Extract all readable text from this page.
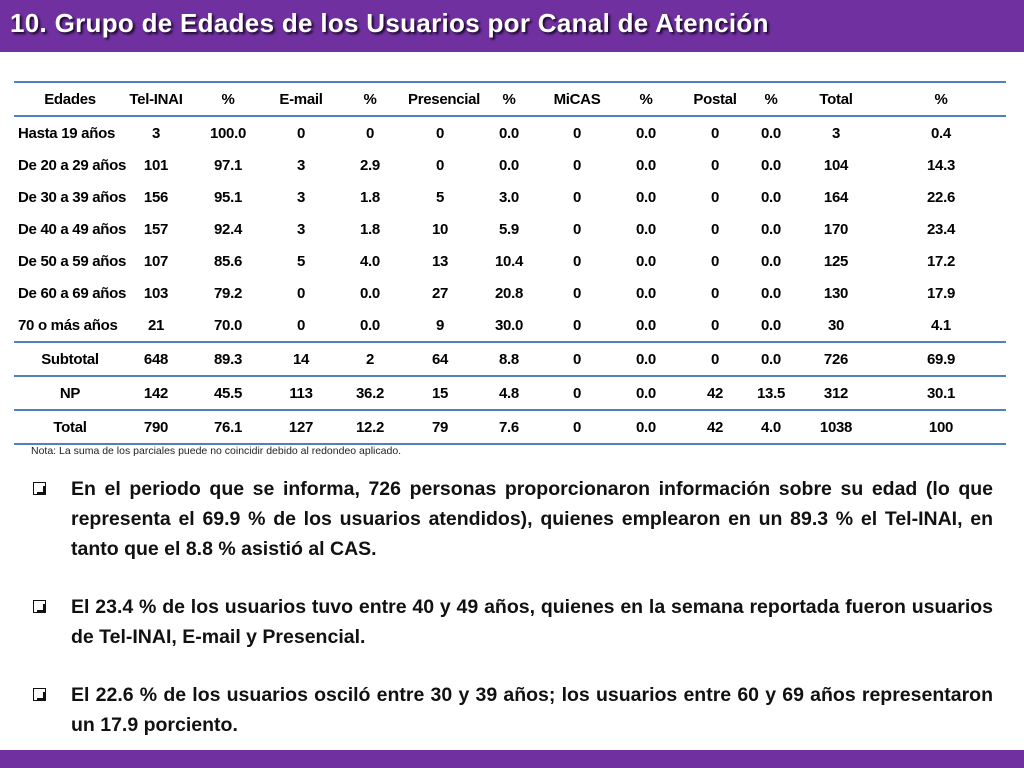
10. Grupo de Edades de los Usuarios por Canal de Atención
Edades	Tel-INAI	%	E-mail	%	Presencial	%	MiCAS	%	Postal	%	Total	%
Hasta 19 años	3	100.0	0	0	0	0.0	0	0.0	0	0.0	3	0.4
De 20 a 29 años	101	97.1	3	2.9	0	0.0	0	0.0	0	0.0	104	14.3
De 30 a 39 años	156	95.1	3	1.8	5	3.0	0	0.0	0	0.0	164	22.6
De 40 a 49 años	157	92.4	3	1.8	10	5.9	0	0.0	0	0.0	170	23.4
De 50 a 59 años	107	85.6	5	4.0	13	10.4	0	0.0	0	0.0	125	17.2
De 60 a 69 años	103	79.2	0	0.0	27	20.8	0	0.0	0	0.0	130	17.9
70 o más años	21	70.0	0	0.0	9	30.0	0	0.0	0	0.0	30	4.1
Subtotal	648	89.3	14	2	64	8.8	0	0.0	0	0.0	726	69.9
NP	142	45.5	113	36.2	15	4.8	0	0.0	42	13.5	312	30.1
Total	790	76.1	127	12.2	79	7.6	0	0.0	42	4.0	1038	100
Nota: La suma de los parciales puede no coincidir debido al redondeo aplicado.
En el periodo que se informa, 726 personas proporcionaron información sobre su edad (lo que representa el 69.9 % de los usuarios atendidos), quienes emplearon en un 89.3 % el Tel-INAI, en tanto que el 8.8 % asistió al CAS.
El 23.4 % de los usuarios tuvo entre 40 y 49 años, quienes en la semana reportada fueron usuarios de Tel-INAI, E-mail y Presencial.
El 22.6 % de los usuarios osciló entre 30 y 39 años; los usuarios entre 60 y 69 años representaron un 17.9 porciento.
